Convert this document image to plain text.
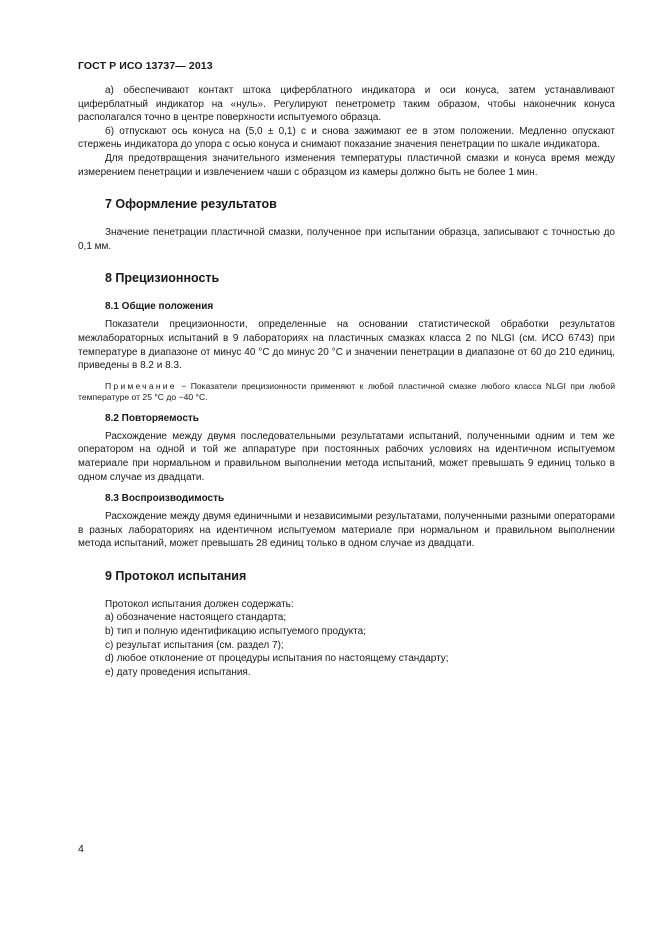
ГОСТ Р ИСО 13737— 2013

а) обеспечивают контакт штока циферблатного индикатора и оси конуса, затем устанавливают циферблатный индикатор на «нуль». Регулируют пенетрометр таким образом, чтобы наконечник конуса располагался точно в центре поверхности испытуемого образца.

б) отпускают ось конуса на (5,0 ± 0,1) с и снова зажимают ее в этом положении. Медленно опускают стержень индикатора до упора с осью конуса и снимают показание значения пенетрации по шкале индикатора.

Для предотвращения значительного изменения температуры пластичной смазки и конуса время между измерением пенетрации и извлечением чаши с образцом из камеры должно быть не более 1 мин.

7 Оформление результатов

Значение пенетрации пластичной смазки, полученное при испытании образца, записывают с точностью до 0,1 мм.

8 Прецизионность
8.1 Общие положения

Показатели прецизионности, определенные на основании статистической обработки результатов межлабораторных испытаний в 9 лабораториях на пластичных смазках класса 2 по NLGI (см. ИСО 6743) при температуре в диапазоне от минус 40 °С до минус 20 °С и значении пенетрации в диапазоне от 60 до 210 единиц, приведены в 8.2 и 8.3.

Примечание − Показатели прецизионности применяют к любой пластичной смазке любого класса NLGI при любой температуре от 25 °С до −40 °С.

8.2 Повторяемость

Расхождение между двумя последовательными результатами испытаний, полученными одним и тем же оператором на одной и той же аппаратуре при постоянных рабочих условиях на идентичном испытуемом материале при нормальном и правильном выполнении метода испытаний, может превышать 9 единиц только в одном случае из двадцати.

8.3 Воспроизводимость

Расхождение между двумя единичными и независимыми результатами, полученными разными операторами в разных лабораториях на идентичном испытуемом материале при нормальном и правильном выполнении метода испытаний, может превышать 28 единиц только в одном случае из двадцати.

9 Протокол испытания
Протокол испытания должен содержать:
а) обозначение настоящего стандарта;
b) тип и полную идентификацию испытуемого продукта;
с) результат испытания (см. раздел 7);
d) любое отклонение от процедуры испытания по настоящему стандарту;
е) дату проведения испытания.
4
